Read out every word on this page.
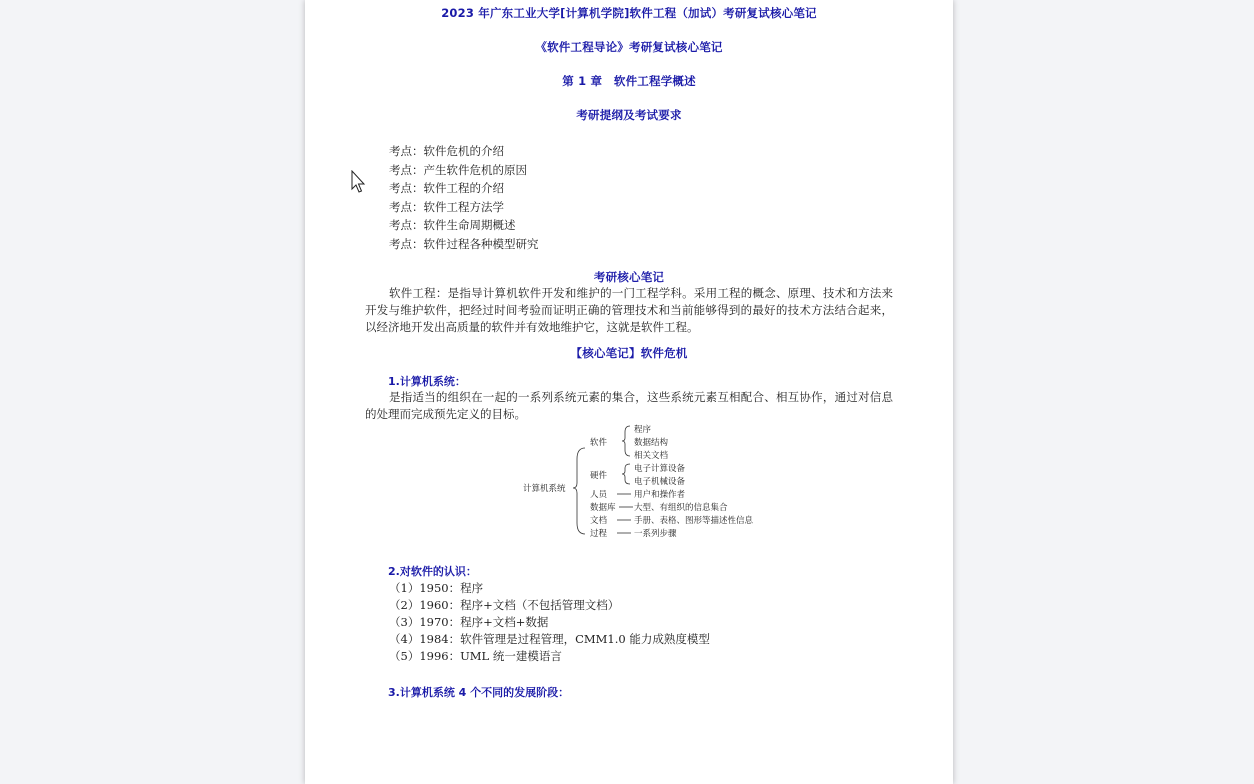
2023 年广东工业大学[计算机学院]软件工程（加试）考研复试核心笔记
《软件工程导论》考研复试核心笔记
第 1 章　软件工程学概述
考研提纲及考试要求
考点：软件危机的介绍
考点：产生软件危机的原因
考点：软件工程的介绍
考点：软件工程方法学
考点：软件生命周期概述
考点：软件过程各种模型研究
考研核心笔记
软件工程：是指导计算机软件开发和维护的一门工程学科。采用工程的概念、原理、技术和方法来开发与维护软件，把经过时间考验而证明正确的管理技术和当前能够得到的最好的技术方法结合起来，以经济地开发出高质量的软件并有效地维护它，这就是软件工程。
【核心笔记】软件危机
1.计算机系统：
是指适当的组织在一起的一系列系统元素的集合，这些系统元素互相配合、相互协作，通过对信息的处理而完成预先定义的目标。
计算机系统
软件
程序
数据结构
相关文档
硬件
电子计算设备
电子机械设备
人员	用户和操作者
数据库 大型、有组织的信息集合
文档	手册、表格、图形等描述性信息
过程	一系列步骤
2.对软件的认识：
（1）1950：程序
（2）1960：程序+文档（不包括管理文档）
（3）1970：程序+文档+数据
（4）1984：软件管理是过程管理，CMM1.0 能力成熟度模型
（5）1996：UML 统一建模语言
3.计算机系统 4 个不同的发展阶段：
